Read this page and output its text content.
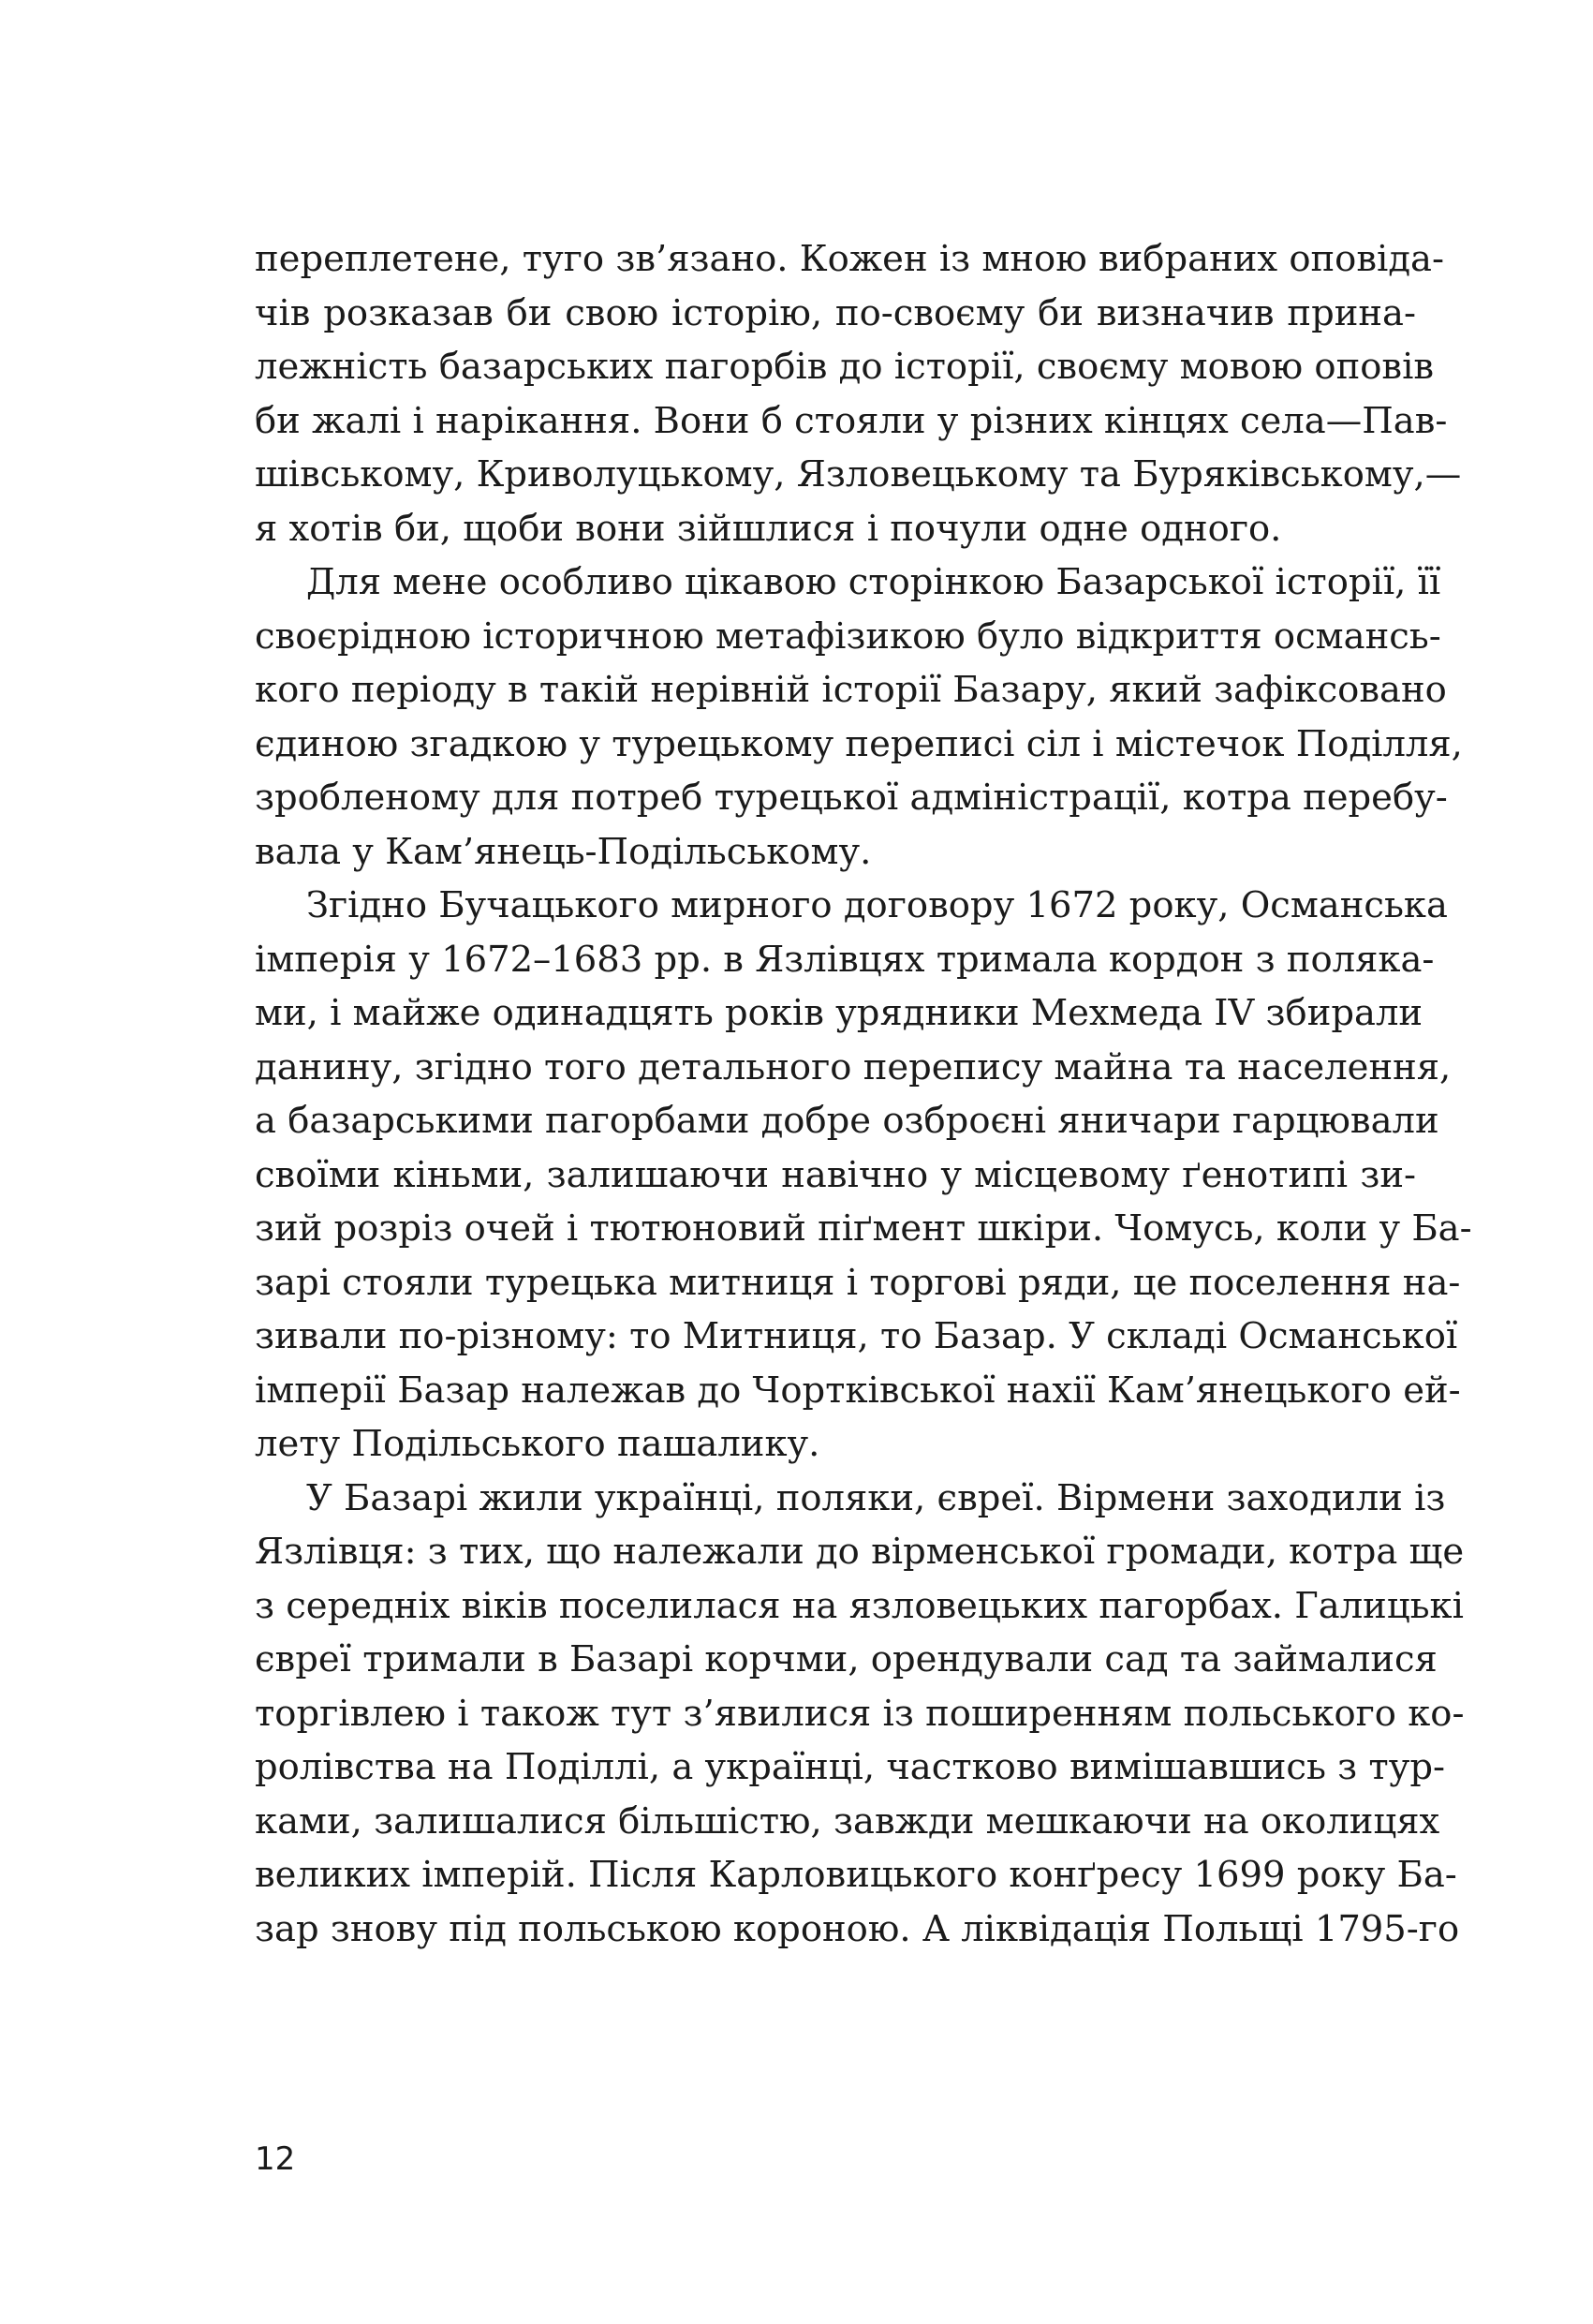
переплетене, туго зв’язано. Кожен із мною вибраних оповіда-
чів розказав би свою історію, по-своєму би визначив прина-
лежність базарських пагорбів до історії, своєму мовою оповів
би жалі і нарікання. Вони б стояли у різних кінцях села—Пав-
шівському, Криволуцькому, Язловецькому та Буряківському,—
я хотів би, щоби вони зійшлися і почули одне одного.
Для мене особливо цікавою сторінкою Базарської історії, її
своєрідною історичною метафізикою було відкриття османсь-
кого періоду в такій нерівній історії Базару, який зафіксовано
єдиною згадкою у турецькому переписі сіл і містечок Поділля,
зробленому для потреб турецької адміністрації, котра перебу-
вала у Кам’янець-Подільському.
Згідно Бучацького мирного договору 1672 року, Османська
імперія у 1672–1683 рр. в Язлівцях тримала кордон з поляка-
ми, і майже одинадцять років урядники Мехмеда IV збирали
данину, згідно того детального перепису майна та населення,
а базарськими пагорбами добре озброєні яничари гарцювали
своїми кіньми, залишаючи навічно у місцевому ґенотипі зи-
зий розріз очей і тютюновий піґмент шкіри. Чомусь, коли у Ба-
зарі стояли турецька митниця і торгові ряди, це поселення на-
зивали по-різному: то Митниця, то Базар. У складі Османської
імперії Базар належав до Чортківської нахії Кам’янецького ей-
лету Подільського пашалику.
У Базарі жили українці, поляки, євреї. Вірмени заходили із
Язлівця: з тих, що належали до вірменської громади, котра ще
з середніх віків поселилася на язловецьких пагорбах. Галицькі
євреї тримали в Базарі корчми, орендували сад та займалися
торгівлею і також тут з’явилися із поширенням польського ко-
ролівства на Поділлі, а українці, частково вимішавшись з тур-
ками, залишалися більшістю, завжди мешкаючи на околицях
великих імперій. Після Карловицького конґресу 1699 року Ба-
зар знову під польською короною. А ліквідація Польщі 1795-го
12
